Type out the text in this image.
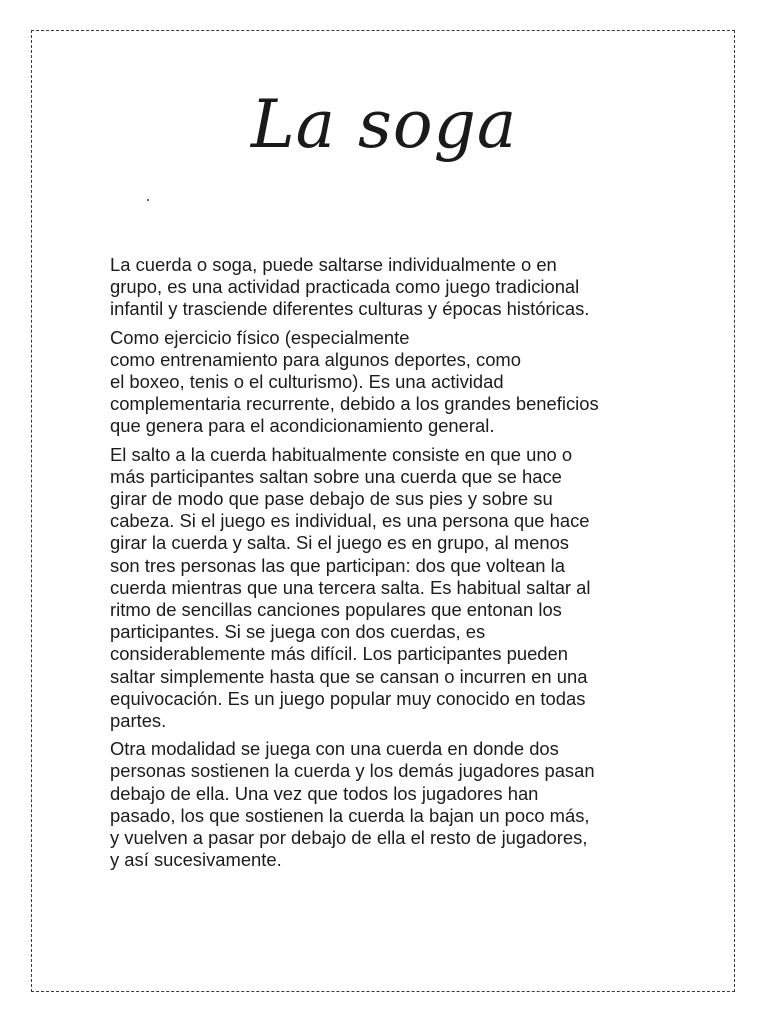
La soga

La cuerda o soga, puede saltarse individualmente o en
grupo, es una actividad practicada como juego tradicional
infantil y trasciende diferentes culturas y épocas históricas.

Como ejercicio físico (especialmente
como entrenamiento para algunos deportes, como
el boxeo, tenis o el culturismo). Es una actividad
complementaria recurrente, debido a los grandes beneficios
que genera para el acondicionamiento general.

El salto a la cuerda habitualmente consiste en que uno o
más participantes saltan sobre una cuerda que se hace
girar de modo que pase debajo de sus pies y sobre su
cabeza. Si el juego es individual, es una persona que hace
girar la cuerda y salta. Si el juego es en grupo, al menos
son tres personas las que participan: dos que voltean la
cuerda mientras que una tercera salta. Es habitual saltar al
ritmo de sencillas canciones populares que entonan los
participantes. Si se juega con dos cuerdas, es
considerablemente más difícil. Los participantes pueden
saltar simplemente hasta que se cansan o incurren en una
equivocación. Es un juego popular muy conocido en todas
partes.

Otra modalidad se juega con una cuerda en donde dos
personas sostienen la cuerda y los demás jugadores pasan
debajo de ella. Una vez que todos los jugadores han
pasado, los que sostienen la cuerda la bajan un poco más,
y vuelven a pasar por debajo de ella el resto de jugadores,
y así sucesivamente.
